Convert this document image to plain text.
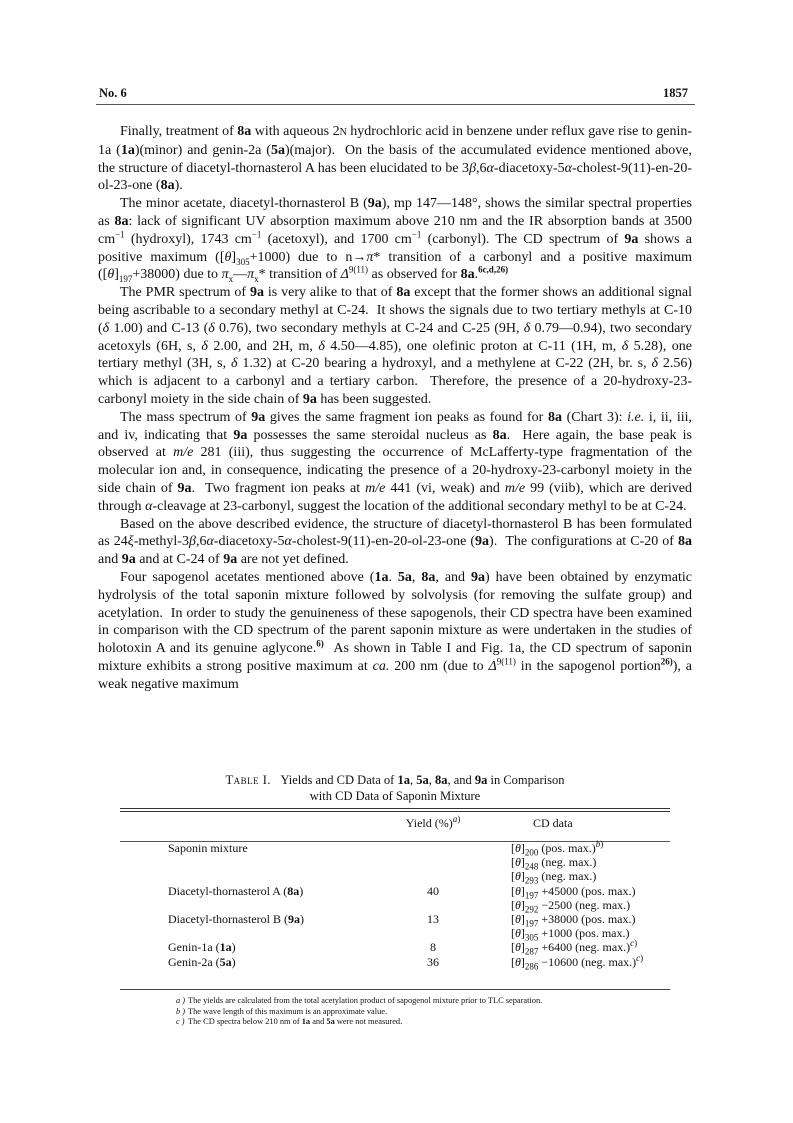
No. 6	1857

Finally, treatment of 8a with aqueous 2N hydrochloric acid in benzene under reflux gave rise to genin-1a (1a)(minor) and genin-2a (5a)(major).  On the basis of the accumulated evidence mentioned above, the structure of diacetyl-thornasterol A has been elucidated to be 3β,6α-diacetoxy-5α-cholest-9(11)-en-20-ol-23-one (8a).

The minor acetate, diacetyl-thornasterol B (9a), mp 147—148°, shows the similar spectral properties as 8a: lack of significant UV absorption maximum above 210 nm and the IR absorption bands at 3500 $cm^{-1}$ (hydroxyl), 1743 $cm^{-1}$ (acetoxyl), and 1700 $cm^{-1}$ (carbonyl). The CD spectrum of 9a shows a positive maximum $([\theta]_{305}+1000)$ due to n→π* transition of a carbonyl and a positive maximum $([\theta]_{197}+38000)$ due to $\pi_x—\pi_x*$ transition of $\Delta^{9(11)}$ as observed for 8a.$^{6c,d,26)}$

The PMR spectrum of 9a is very alike to that of 8a except that the former shows an additional signal being ascribable to a secondary methyl at C-24.  It shows the signals due to two tertiary methyls at C-10 (δ 1.00) and C-13 (δ 0.76), two secondary methyls at C-24 and C-25 (9H, δ 0.79—0.94), two secondary acetoxyls (6H, s, δ 2.00, and 2H, m, δ 4.50—4.85), one olefinic proton at C-11 (1H, m, δ 5.28), one tertiary methyl (3H, s, δ 1.32) at C-20 bearing a hydroxyl, and a methylene at C-22 (2H, br. s, δ 2.56) which is adjacent to a carbonyl and a tertiary carbon.  Therefore, the presence of a 20-hydroxy-23-carbonyl moiety in the side chain of 9a has been suggested.

The mass spectrum of 9a gives the same fragment ion peaks as found for 8a (Chart 3): i.e. i, ii, iii, and iv, indicating that 9a possesses the same steroidal nucleus as 8a.  Here again, the base peak is observed at m/e 281 (iii), thus suggesting the occurrence of McLafferty-type fragmentation of the molecular ion and, in consequence, indicating the presence of a 20-hydroxy-23-carbonyl moiety in the side chain of 9a.  Two fragment ion peaks at m/e 441 (vi, weak) and m/e 99 (viib), which are derived through α-cleavage at 23-carbonyl, suggest the location of the additional secondary methyl to be at C-24.

Based on the above described evidence, the structure of diacetyl-thornasterol B has been formulated as 24ξ-methyl-3β,6α-diacetoxy-5α-cholest-9(11)-en-20-ol-23-one (9a).  The configurations at C-20 of 8a and 9a and at C-24 of 9a are not yet defined.

Four sapogenol acetates mentioned above (1a. 5a, 8a, and 9a) have been obtained by enzymatic hydrolysis of the total saponin mixture followed by solvolysis (for removing the sulfate group) and acetylation.  In order to study the genuineness of these sapogenols, their CD spectra have been examined in comparison with the CD spectrum of the parent saponin mixture as were undertaken in the studies of holotoxin A and its genuine aglycone.$^{6)}$  As shown in Table I and Fig. 1a, the CD spectrum of saponin mixture exhibits a strong positive maximum at ca. 200 nm (due to $\Delta^{9(11)}$ in the sapogenol portion$^{26)}$), a weak negative maximum

Table I. Yields and CD Data of 1a, 5a, 8a, and 9a in Comparison
with CD Data of Saponin Mixture
	Yield (%)$^{a)}$	CD data
Saponin mixture		$[\theta]_{200}$ (pos. max.)$^{b)}$
		$[\theta]_{248}$ (neg. max.)
		$[\theta]_{293}$ (neg. max.)
Diacetyl-thornasterol A (8a)	40	$[\theta]_{197} +45000$ (pos. max.)
		$[\theta]_{292} -2500$ (neg. max.)
Diacetyl-thornasterol B (9a)	13	$[\theta]_{197} +38000$ (pos. max.)
		$[\theta]_{305} +1000$ (pos. max.)
Genin-1a (1a)	8	$[\theta]_{287} +6400$ (neg. max.)$^{c)}$
Genin-2a (5a)	36	$[\theta]_{286} -10600$ (neg. max.)$^{c)}$
a ) The yields are calculated from the total acetylation product of sapogenol mixture prior to TLC separation.
b ) The wave length of this maximum is an approximate value.
c ) The CD spectra below 210 nm of 1a and 5a were not measured.
